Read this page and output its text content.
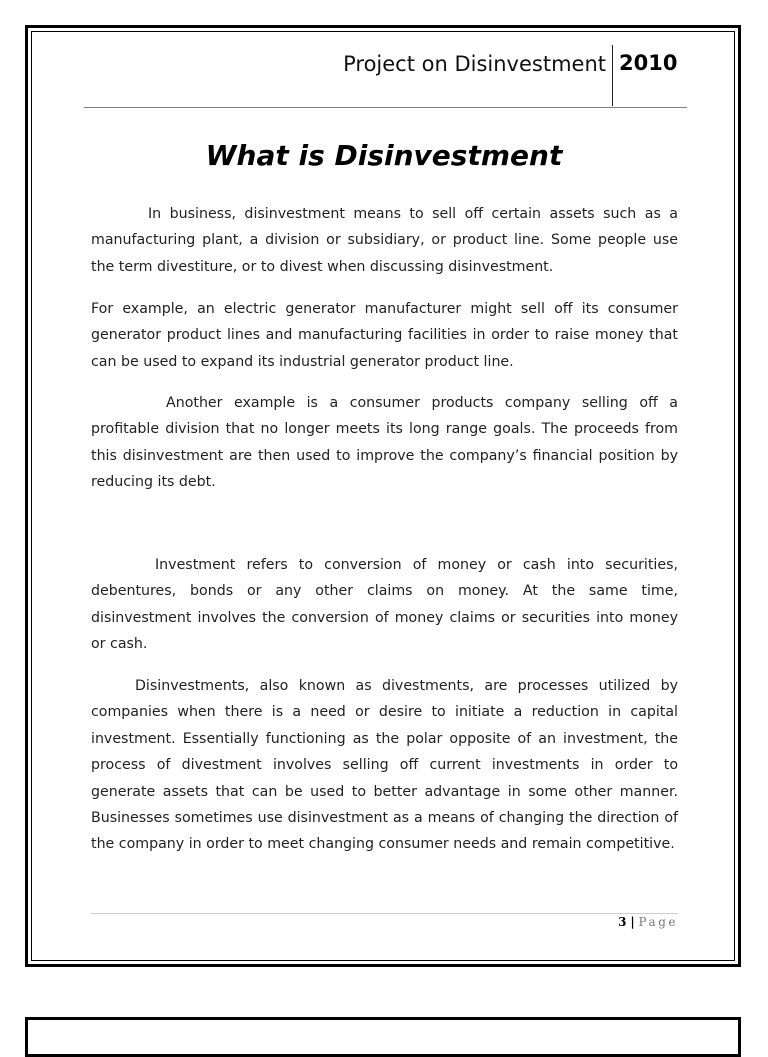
Project on Disinvestment 2010
What is Disinvestment

In business, disinvestment means to sell off certain assets such as a manufacturing plant, a division or subsidiary, or product line. Some people use the term divestiture, or to divest when discussing disinvestment.

For example, an electric generator manufacturer might sell off its consumer generator product lines and manufacturing facilities in order to raise money that can be used to expand its industrial generator product line.

Another example is a consumer products company selling off a profitable division that no longer meets its long range goals. The proceeds from this disinvestment are then used to improve the company’s financial position by reducing its debt.

Investment refers to conversion of money or cash into securities, debentures, bonds or any other claims on money. At the same time, disinvestment involves the conversion of money claims or securities into money or cash.

Disinvestments, also known as divestments, are processes utilized by companies when there is a need or desire to initiate a reduction in capital investment. Essentially functioning as the polar opposite of an investment, the process of divestment involves selling off current investments in order to generate assets that can be used to better advantage in some other manner. Businesses sometimes use disinvestment as a means of changing the direction of the company in order to meet changing consumer needs and remain competitive.

3 | Page
